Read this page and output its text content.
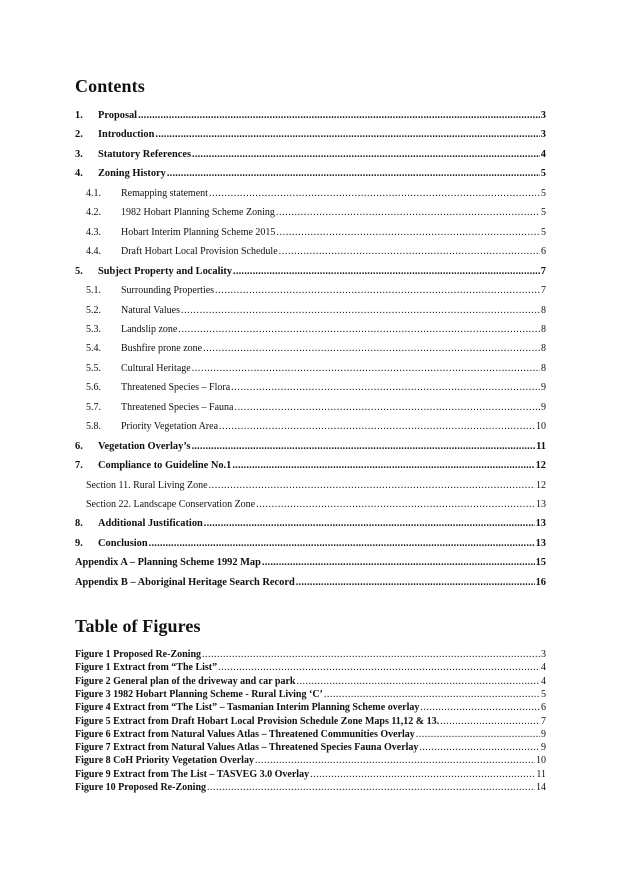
Contents
1.	Proposal .....	3
2.	Introduction .....	3
3.	Statutory References .....	4
4.	Zoning History .....	5
4.1.	Remapping statement .....	5
4.2.	1982 Hobart Planning Scheme Zoning .....	5
4.3.	Hobart Interim Planning Scheme 2015 .....	5
4.4.	Draft Hobart Local Provision Schedule .....	6
5.	Subject Property and Locality .....	7
5.1.	Surrounding Properties .....	7
5.2.	Natural Values .....	8
5.3.	Landslip zone .....	8
5.4.	Bushfire prone zone .....	8
5.5.	Cultural Heritage .....	8
5.6.	Threatened Species – Flora .....	9
5.7.	Threatened Species – Fauna .....	9
5.8.	Priority Vegetation Area .....	10
6.	Vegetation Overlay’s .....	11
7.	Compliance to Guideline No.1 .....	12
Section 11. Rural Living Zone .....	12
Section 22. Landscape Conservation Zone .....	13
8.	Additional Justification .....	13
9.	Conclusion .....	13
Appendix A – Planning Scheme 1992 Map .....	15
Appendix B – Aboriginal Heritage Search Record .....	16
Table of Figures
Figure 1 Proposed Re-Zoning .....	3
Figure 1 Extract from “The List” .....	4
Figure 2 General plan of the driveway and car park .....	4
Figure 3 1982 Hobart Planning Scheme - Rural Living ‘C’ .....	5
Figure 4 Extract from “The List” – Tasmanian Interim Planning Scheme overlay .....	6
Figure 5 Extract from Draft Hobart Local Provision Schedule Zone Maps 11,12 & 13. .....	7
Figure 6 Extract from Natural Values Atlas – Threatened Communities Overlay .....	9
Figure 7 Extract from Natural Values Atlas – Threatened Species Fauna Overlay .....	9
Figure 8 CoH Priority Vegetation Overlay .....	10
Figure 9 Extract from The List – TASVEG 3.0 Overlay .....	11
Figure 10 Proposed Re-Zoning .....	14
